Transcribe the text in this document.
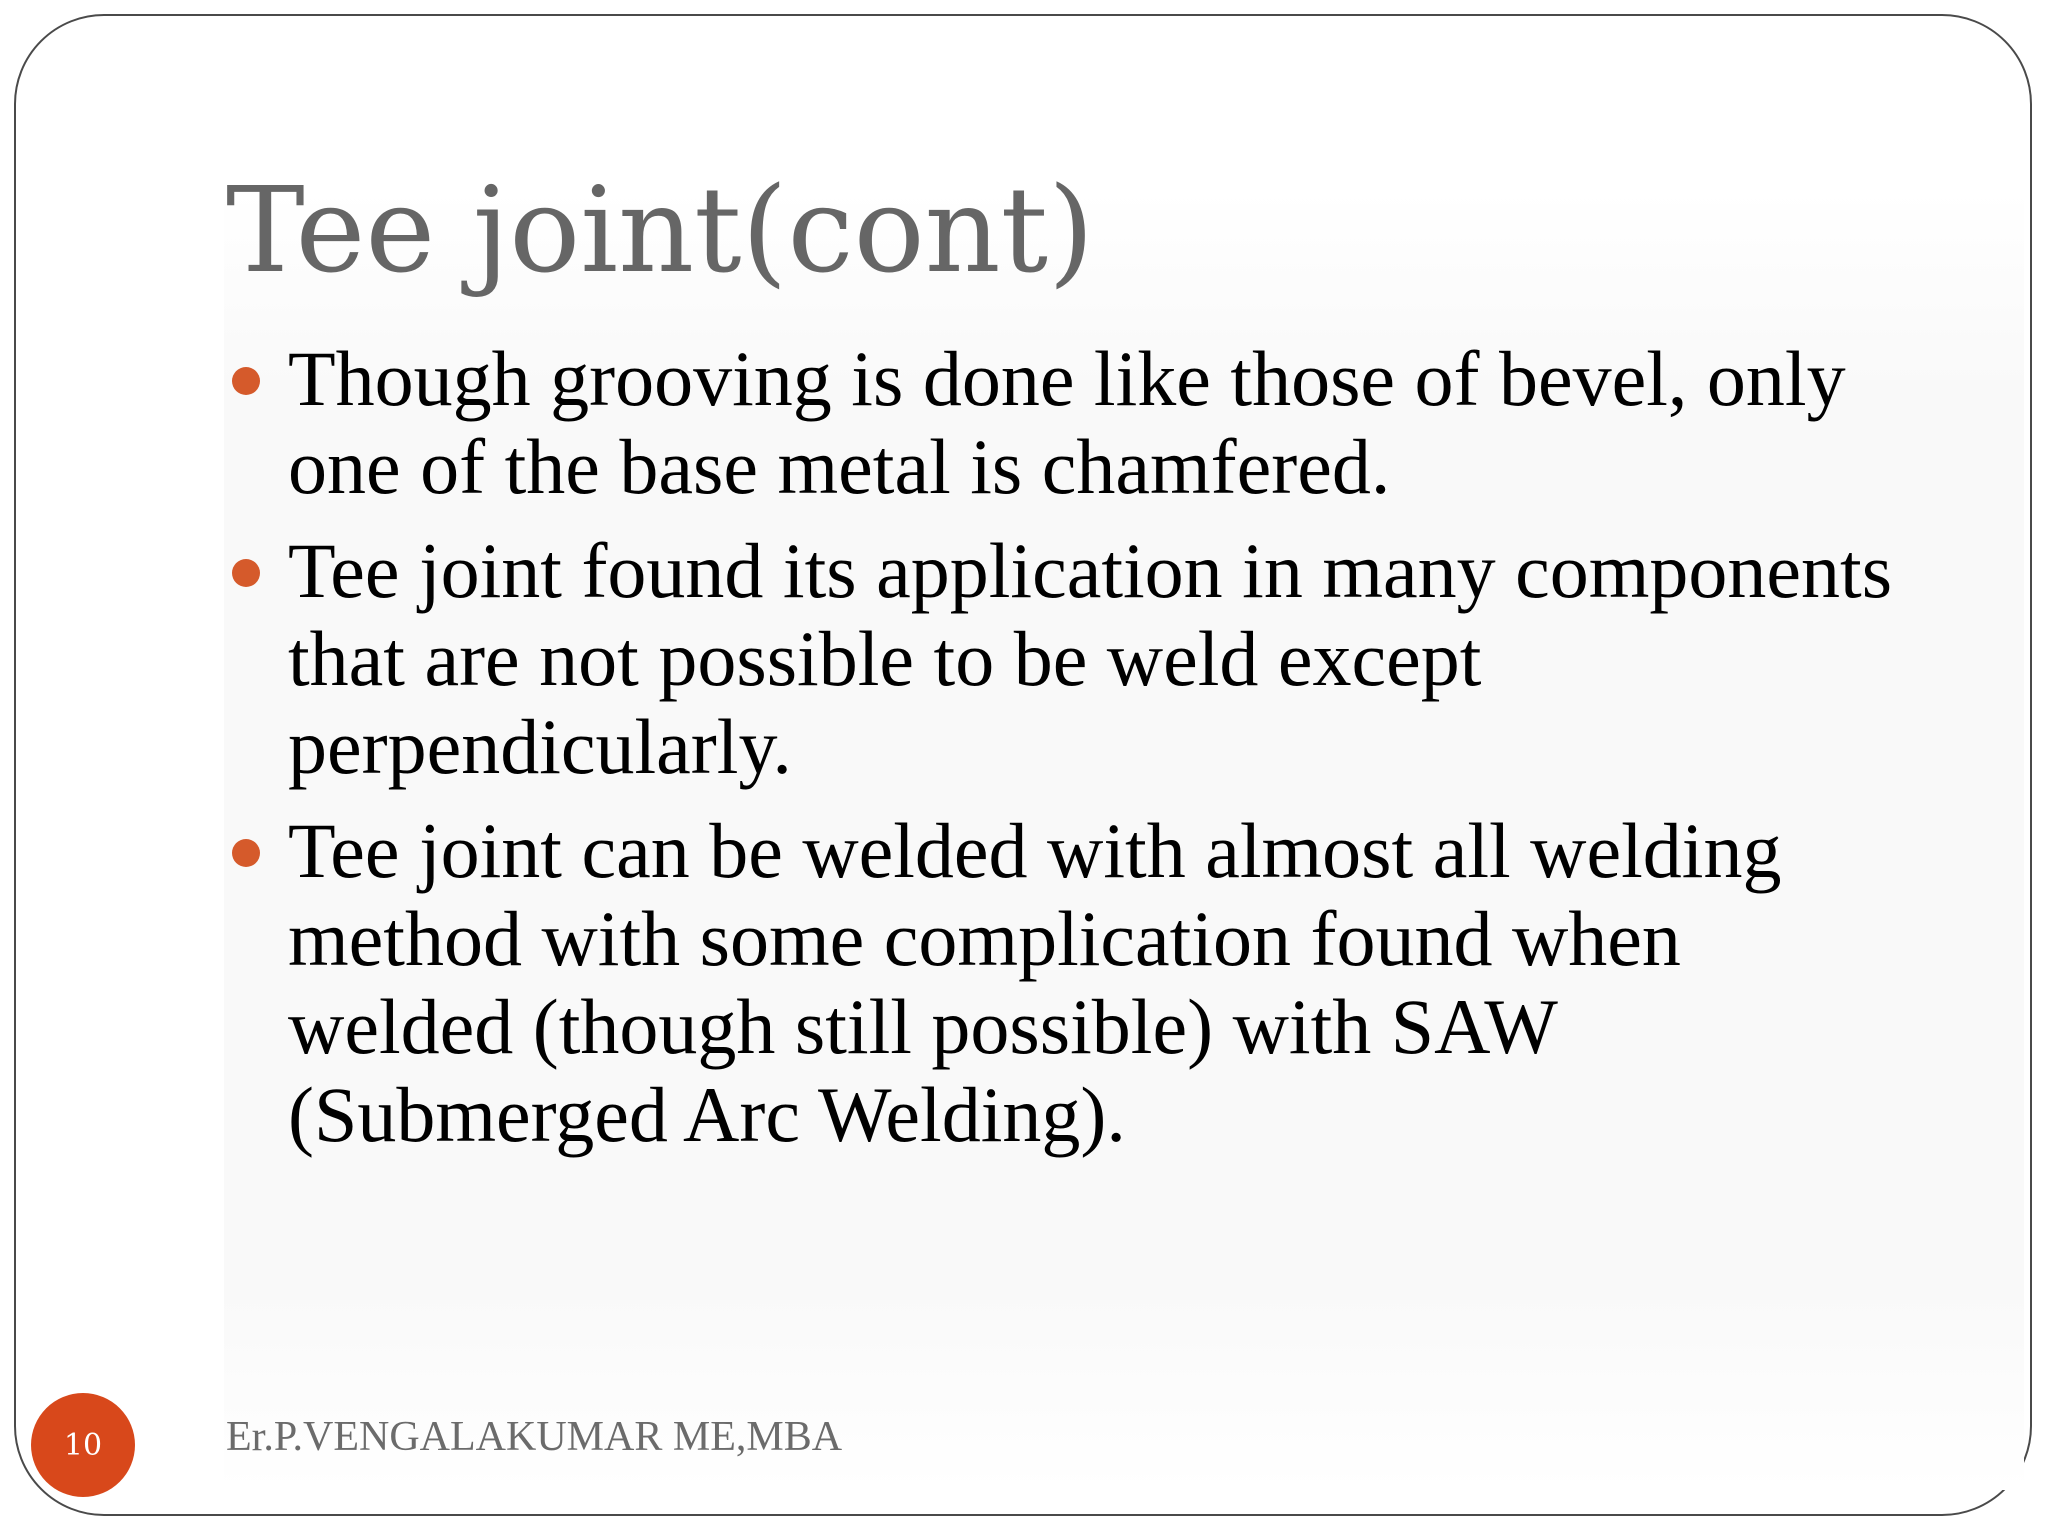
Tee joint(cont)
Though grooving is done like those of bevel, only one of the base metal is chamfered.
Tee joint found its application in many components that are not possible to be weld except perpendicularly.
Tee joint can be welded with almost all welding method with some complication found when welded (though still possible) with SAW (Submerged Arc Welding).
10	Er.P.VENGALAKUMAR ME,MBA
